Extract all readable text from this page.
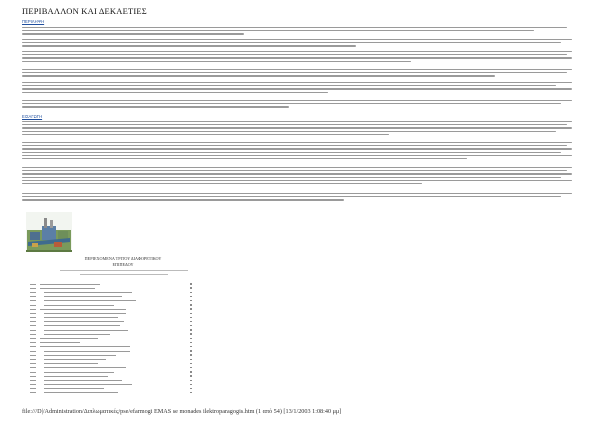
ΠΕΡΙΒΑΛΛΟΝ ΚΑΙ ΔΕΚΑΕΤΙΕΣ
ΠΕΡΙΛΗΨΗ
ΕΙΣΑΓΩΓΗ
ΠΕΡΙΕΧΟΜΕΝΑ ΤΡΙΤΟΥ ΔΙΑΦΟΡΕΤΙΚΟΥ
ΕΠΙΠΕΔΟΥ
file:///D|/Administration/Διπλωματικές/pse/efarmogi EMAS se monades ilektroparagogis.htm (1 από 54) [13/1/2003 1:08:40 μμ]
